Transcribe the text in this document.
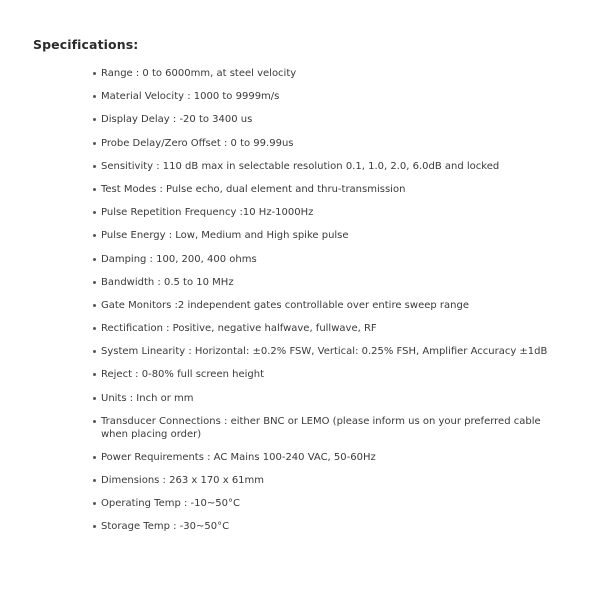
Specifications:
Range : 0 to 6000mm, at steel velocity
Material Velocity : 1000 to 9999m/s
Display Delay : -20 to 3400 us
Probe Delay/Zero Offset : 0 to 99.99us
Sensitivity : 110 dB max in selectable resolution 0.1, 1.0, 2.0, 6.0dB and locked
Test Modes : Pulse echo, dual element and thru-transmission
Pulse Repetition Frequency :10 Hz-1000Hz
Pulse Energy : Low, Medium and High spike pulse
Damping : 100, 200, 400 ohms
Bandwidth : 0.5 to 10 MHz
Gate Monitors :2 independent gates controllable over entire sweep range
Rectification : Positive, negative halfwave, fullwave, RF
System Linearity : Horizontal: ±0.2% FSW, Vertical: 0.25% FSH, Amplifier Accuracy ±1dB
Reject : 0-80% full screen height
Units : Inch or mm
Transducer Connections : either BNC or LEMO (please inform us on your preferred cable when placing order)
Power Requirements : AC Mains 100-240 VAC, 50-60Hz
Dimensions : 263 x 170 x 61mm
Operating Temp : -10~50°C
Storage Temp : -30~50°C
